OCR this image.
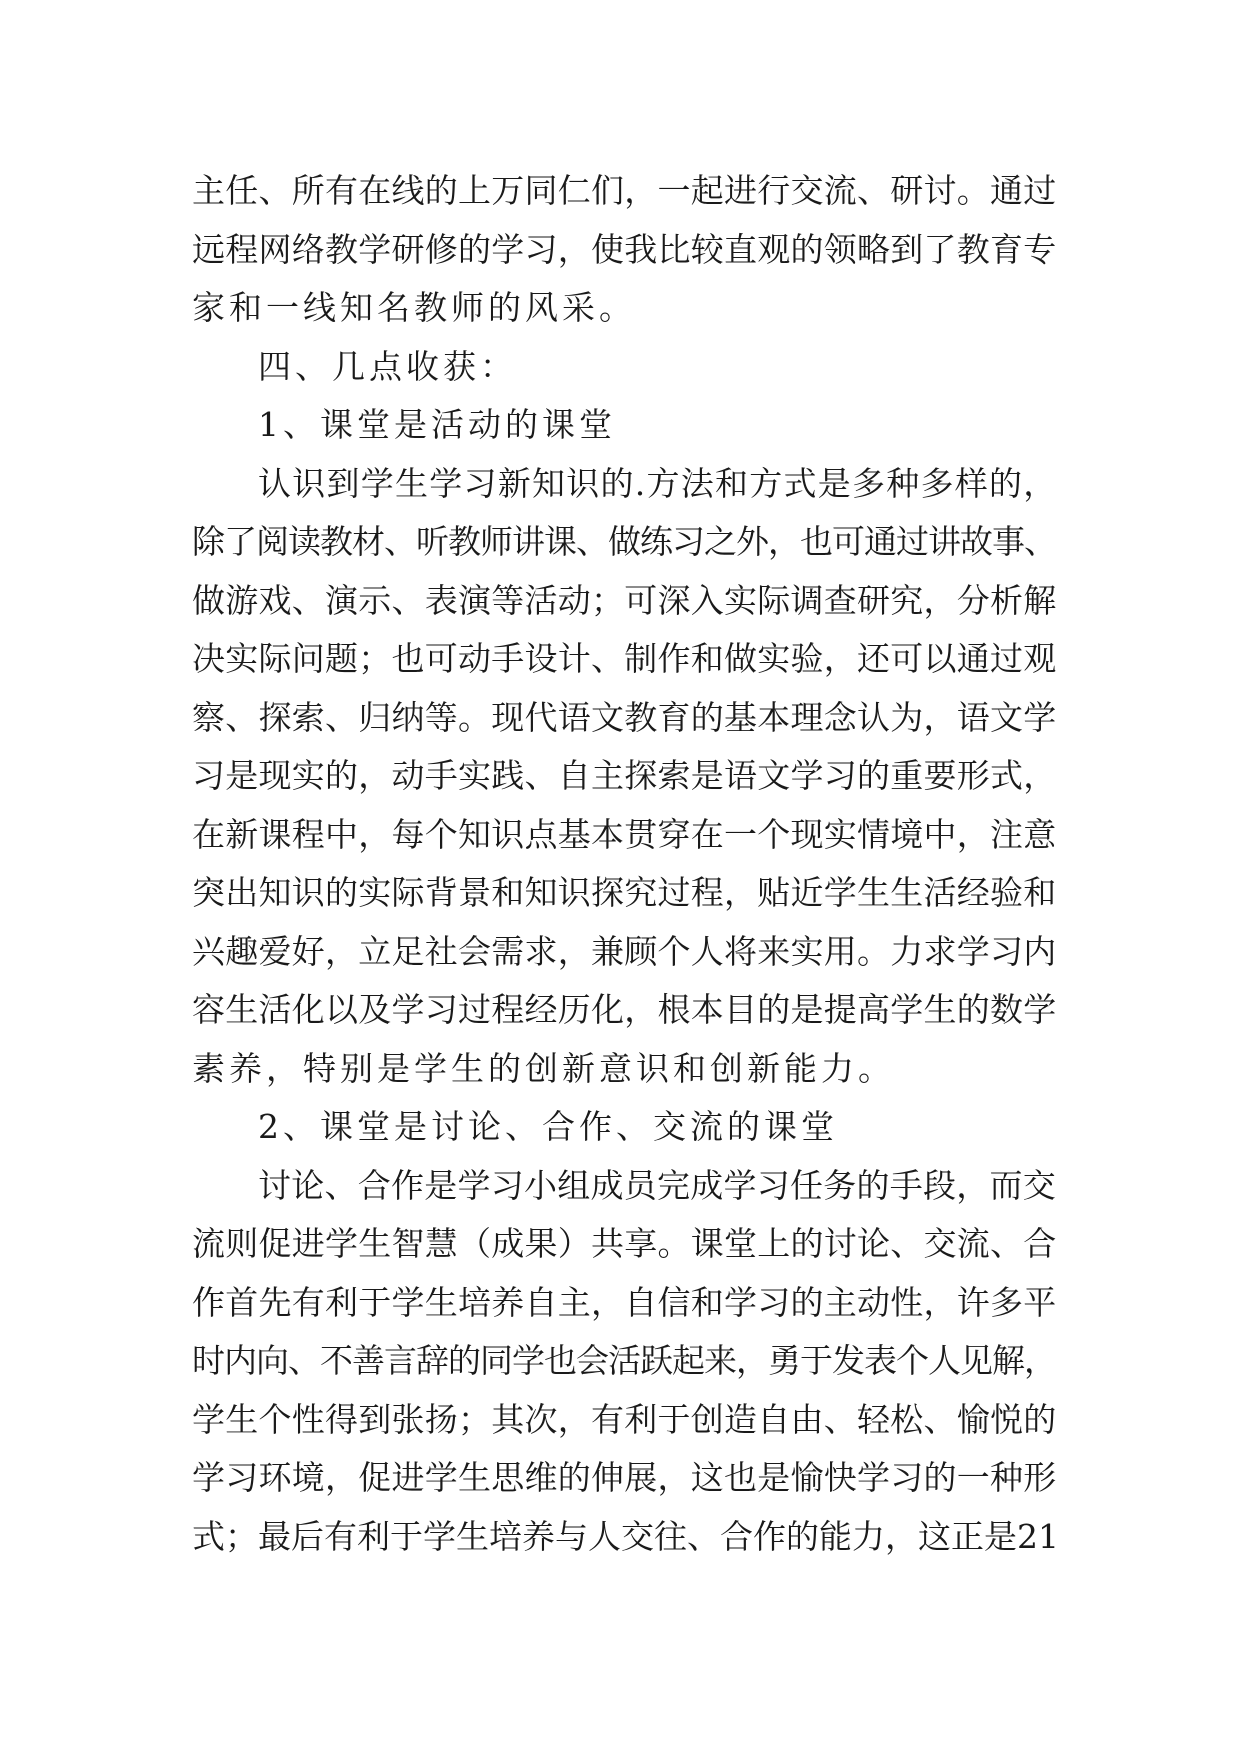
主任、所有在线的上万同仁们，一起进行交流、研讨。通过
远程网络教学研修的学习，使我比较直观的领略到了教育专
家和一线知名教师的风采。
四、几点收获：
1、课堂是活动的课堂
认识到学生学习新知识的.方法和方式是多种多样的，
除了阅读教材、听教师讲课、做练习之外，也可通过讲故事、
做游戏、演示、表演等活动；可深入实际调查研究，分析解
决实际问题；也可动手设计、制作和做实验，还可以通过观
察、探索、归纳等。现代语文教育的基本理念认为，语文学
习是现实的，动手实践、自主探索是语文学习的重要形式，
在新课程中，每个知识点基本贯穿在一个现实情境中，注意
突出知识的实际背景和知识探究过程，贴近学生生活经验和
兴趣爱好，立足社会需求，兼顾个人将来实用。力求学习内
容生活化以及学习过程经历化，根本目的是提高学生的数学
素养，特别是学生的创新意识和创新能力。
2、课堂是讨论、合作、交流的课堂
讨论、合作是学习小组成员完成学习任务的手段，而交
流则促进学生智慧（成果）共享。课堂上的讨论、交流、合
作首先有利于学生培养自主，自信和学习的主动性，许多平
时内向、不善言辞的同学也会活跃起来，勇于发表个人见解，
学生个性得到张扬；其次，有利于创造自由、轻松、愉悦的
学习环境，促进学生思维的伸展，这也是愉快学习的一种形
式；最后有利于学生培养与人交往、合作的能力，这正是21
